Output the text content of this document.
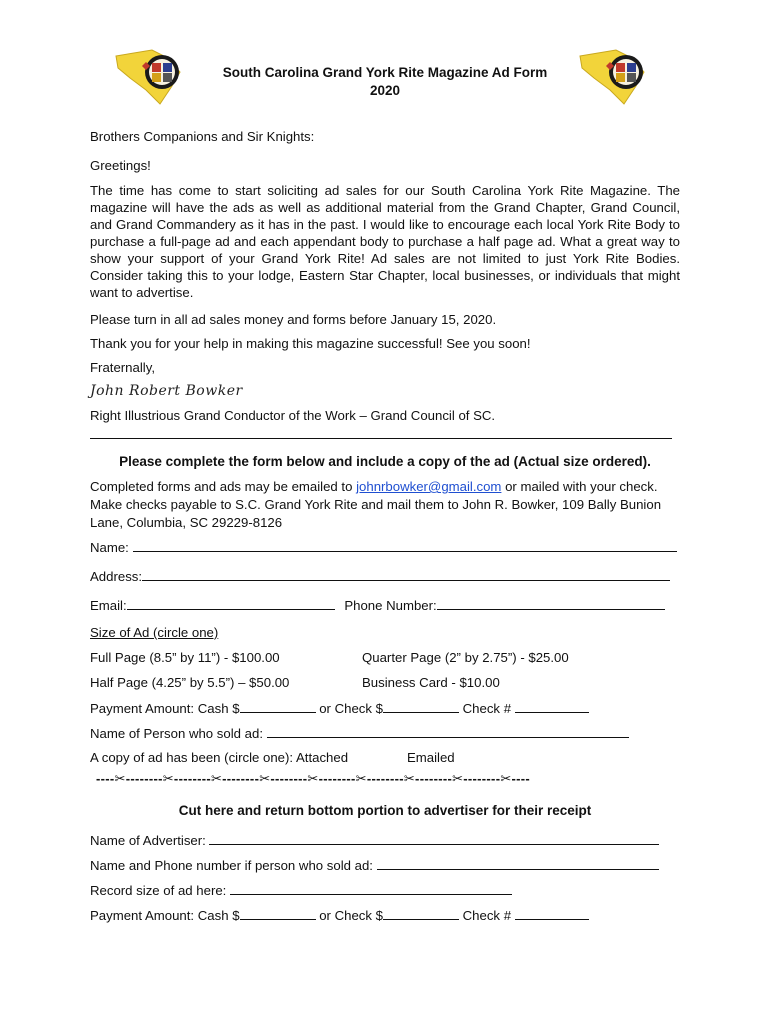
South Carolina Grand York Rite Magazine Ad Form
2020
Brothers Companions and Sir Knights:
Greetings!
The time has come to start soliciting ad sales for our South Carolina York Rite Magazine. The magazine will have the ads as well as additional material from the Grand Chapter, Grand Council, and Grand Commandery as it has in the past. I would like to encourage each local York Rite Body to purchase a full-page ad and each appendant body to purchase a half page ad. What a great way to show your support of your Grand York Rite! Ad sales are not limited to just York Rite Bodies. Consider taking this to your lodge, Eastern Star Chapter, local businesses, or individuals that might want to advertise.
Please turn in all ad sales money and forms before January 15, 2020.
Thank you for your help in making this magazine successful! See you soon!
Fraternally,
John Robert Bowker
Right Illustrious Grand Conductor of the Work – Grand Council of SC.
Please complete the form below and include a copy of the ad (Actual size ordered).
Completed forms and ads may be emailed to johnrbowker@gmail.com or mailed with your check.
Make checks payable to S.C. Grand York Rite and mail them to John R. Bowker, 109 Bally Bunion
Lane, Columbia, SC 29229-8126
Name:
Address:
Email:	Phone Number:
Size of Ad (circle one)
Full Page (8.5” by 11”) - $100.00	Quarter Page (2” by 2.75”) - $25.00
Half Page (4.25” by 5.5”) – $50.00	Business Card - $10.00
Payment Amount: Cash $	or Check $	Check #
Name of Person who sold ad:
A copy of ad has been (circle one): Attached	Emailed
----✂--------✂--------✂--------✂--------✂--------✂--------✂--------✂--------✂----
Cut here and return bottom portion to advertiser for their receipt
Name of Advertiser:
Name and Phone number if person who sold ad:
Record size of ad here:
Payment Amount: Cash $	or Check $	Check #
